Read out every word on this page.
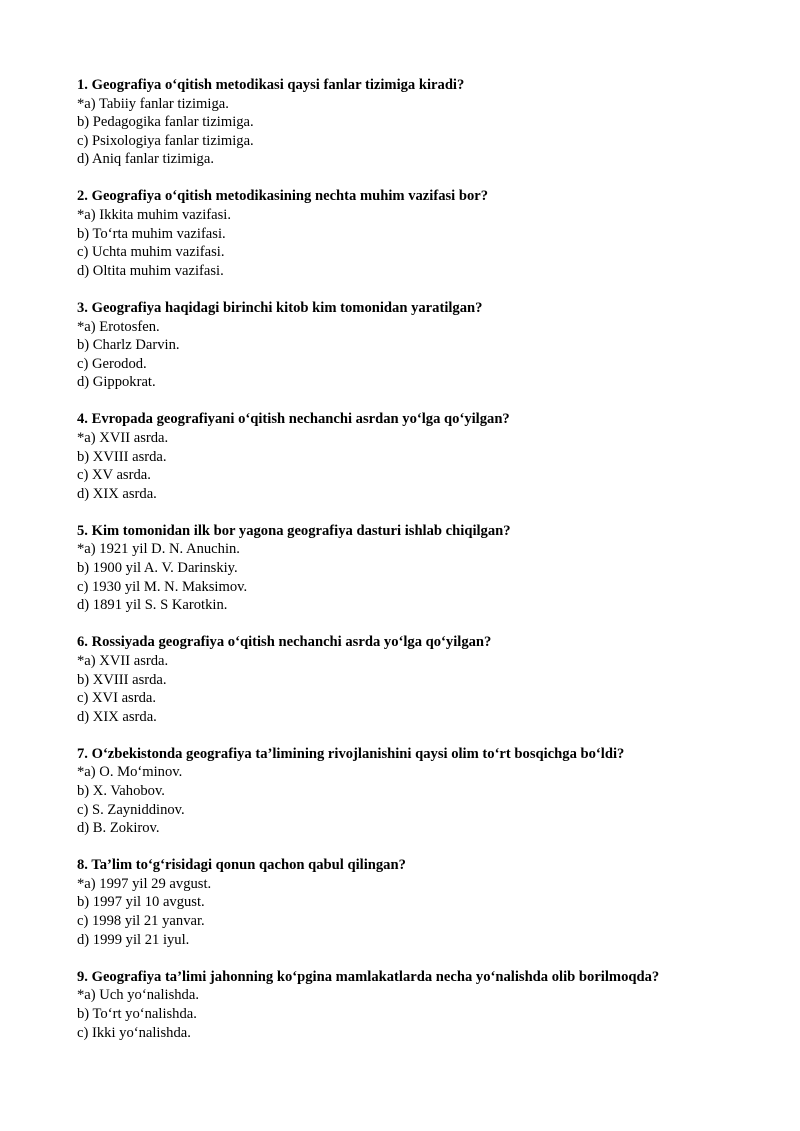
1. Geografiya o‘qitish metodikasi qaysi fanlar tizimiga kiradi?
*a) Tabiiy fanlar tizimiga.
b) Pedagogika fanlar tizimiga.
c) Psixologiya fanlar tizimiga.
d) Aniq fanlar tizimiga.
2. Geografiya o‘qitish metodikasining nechta muhim vazifasi bor?
*a) Ikkita muhim vazifasi.
b) To‘rta muhim vazifasi.
c) Uchta muhim vazifasi.
d) Oltita muhim vazifasi.
3. Geografiya haqidagi birinchi kitob kim tomonidan yaratilgan?
*a) Erotosfen.
b) Charlz Darvin.
c) Gerodod.
d) Gippokrat.
4. Evropada geografiyani o‘qitish nechanchi asrdan yo‘lga qo‘yilgan?
*a) XVII asrda.
b) XVIII asrda.
c) XV asrda.
d) XIX asrda.
5. Kim tomonidan ilk bor yagona geografiya dasturi ishlab chiqilgan?
*a) 1921 yil D. N. Anuchin.
b) 1900 yil A. V. Darinskiy.
c) 1930 yil M. N. Maksimov.
d) 1891 yil S. S Karotkin.
6. Rossiyada geografiya o‘qitish nechanchi asrda yo‘lga qo‘yilgan?
*a) XVII asrda.
b) XVIII asrda.
c) XVI asrda.
d) XIX asrda.
7. O‘zbekistonda geografiya ta’limining rivojlanishini qaysi olim to‘rt bosqichga bo‘ldi?
*a) O. Mo‘minov.
b) X. Vahobov.
c) S. Zayniddinov.
d) B. Zokirov.
8. Ta’lim to‘g‘risidagi qonun qachon qabul qilingan?
*a) 1997 yil 29 avgust.
b) 1997 yil 10 avgust.
c) 1998 yil 21 yanvar.
d) 1999 yil 21 iyul.
9. Geografiya ta’limi jahonning ko‘pgina mamlakatlarda necha yo‘nalishda olib borilmoqda?
*a) Uch yo‘nalishda.
b) To‘rt yo‘nalishda.
c) Ikki yo‘nalishda.
